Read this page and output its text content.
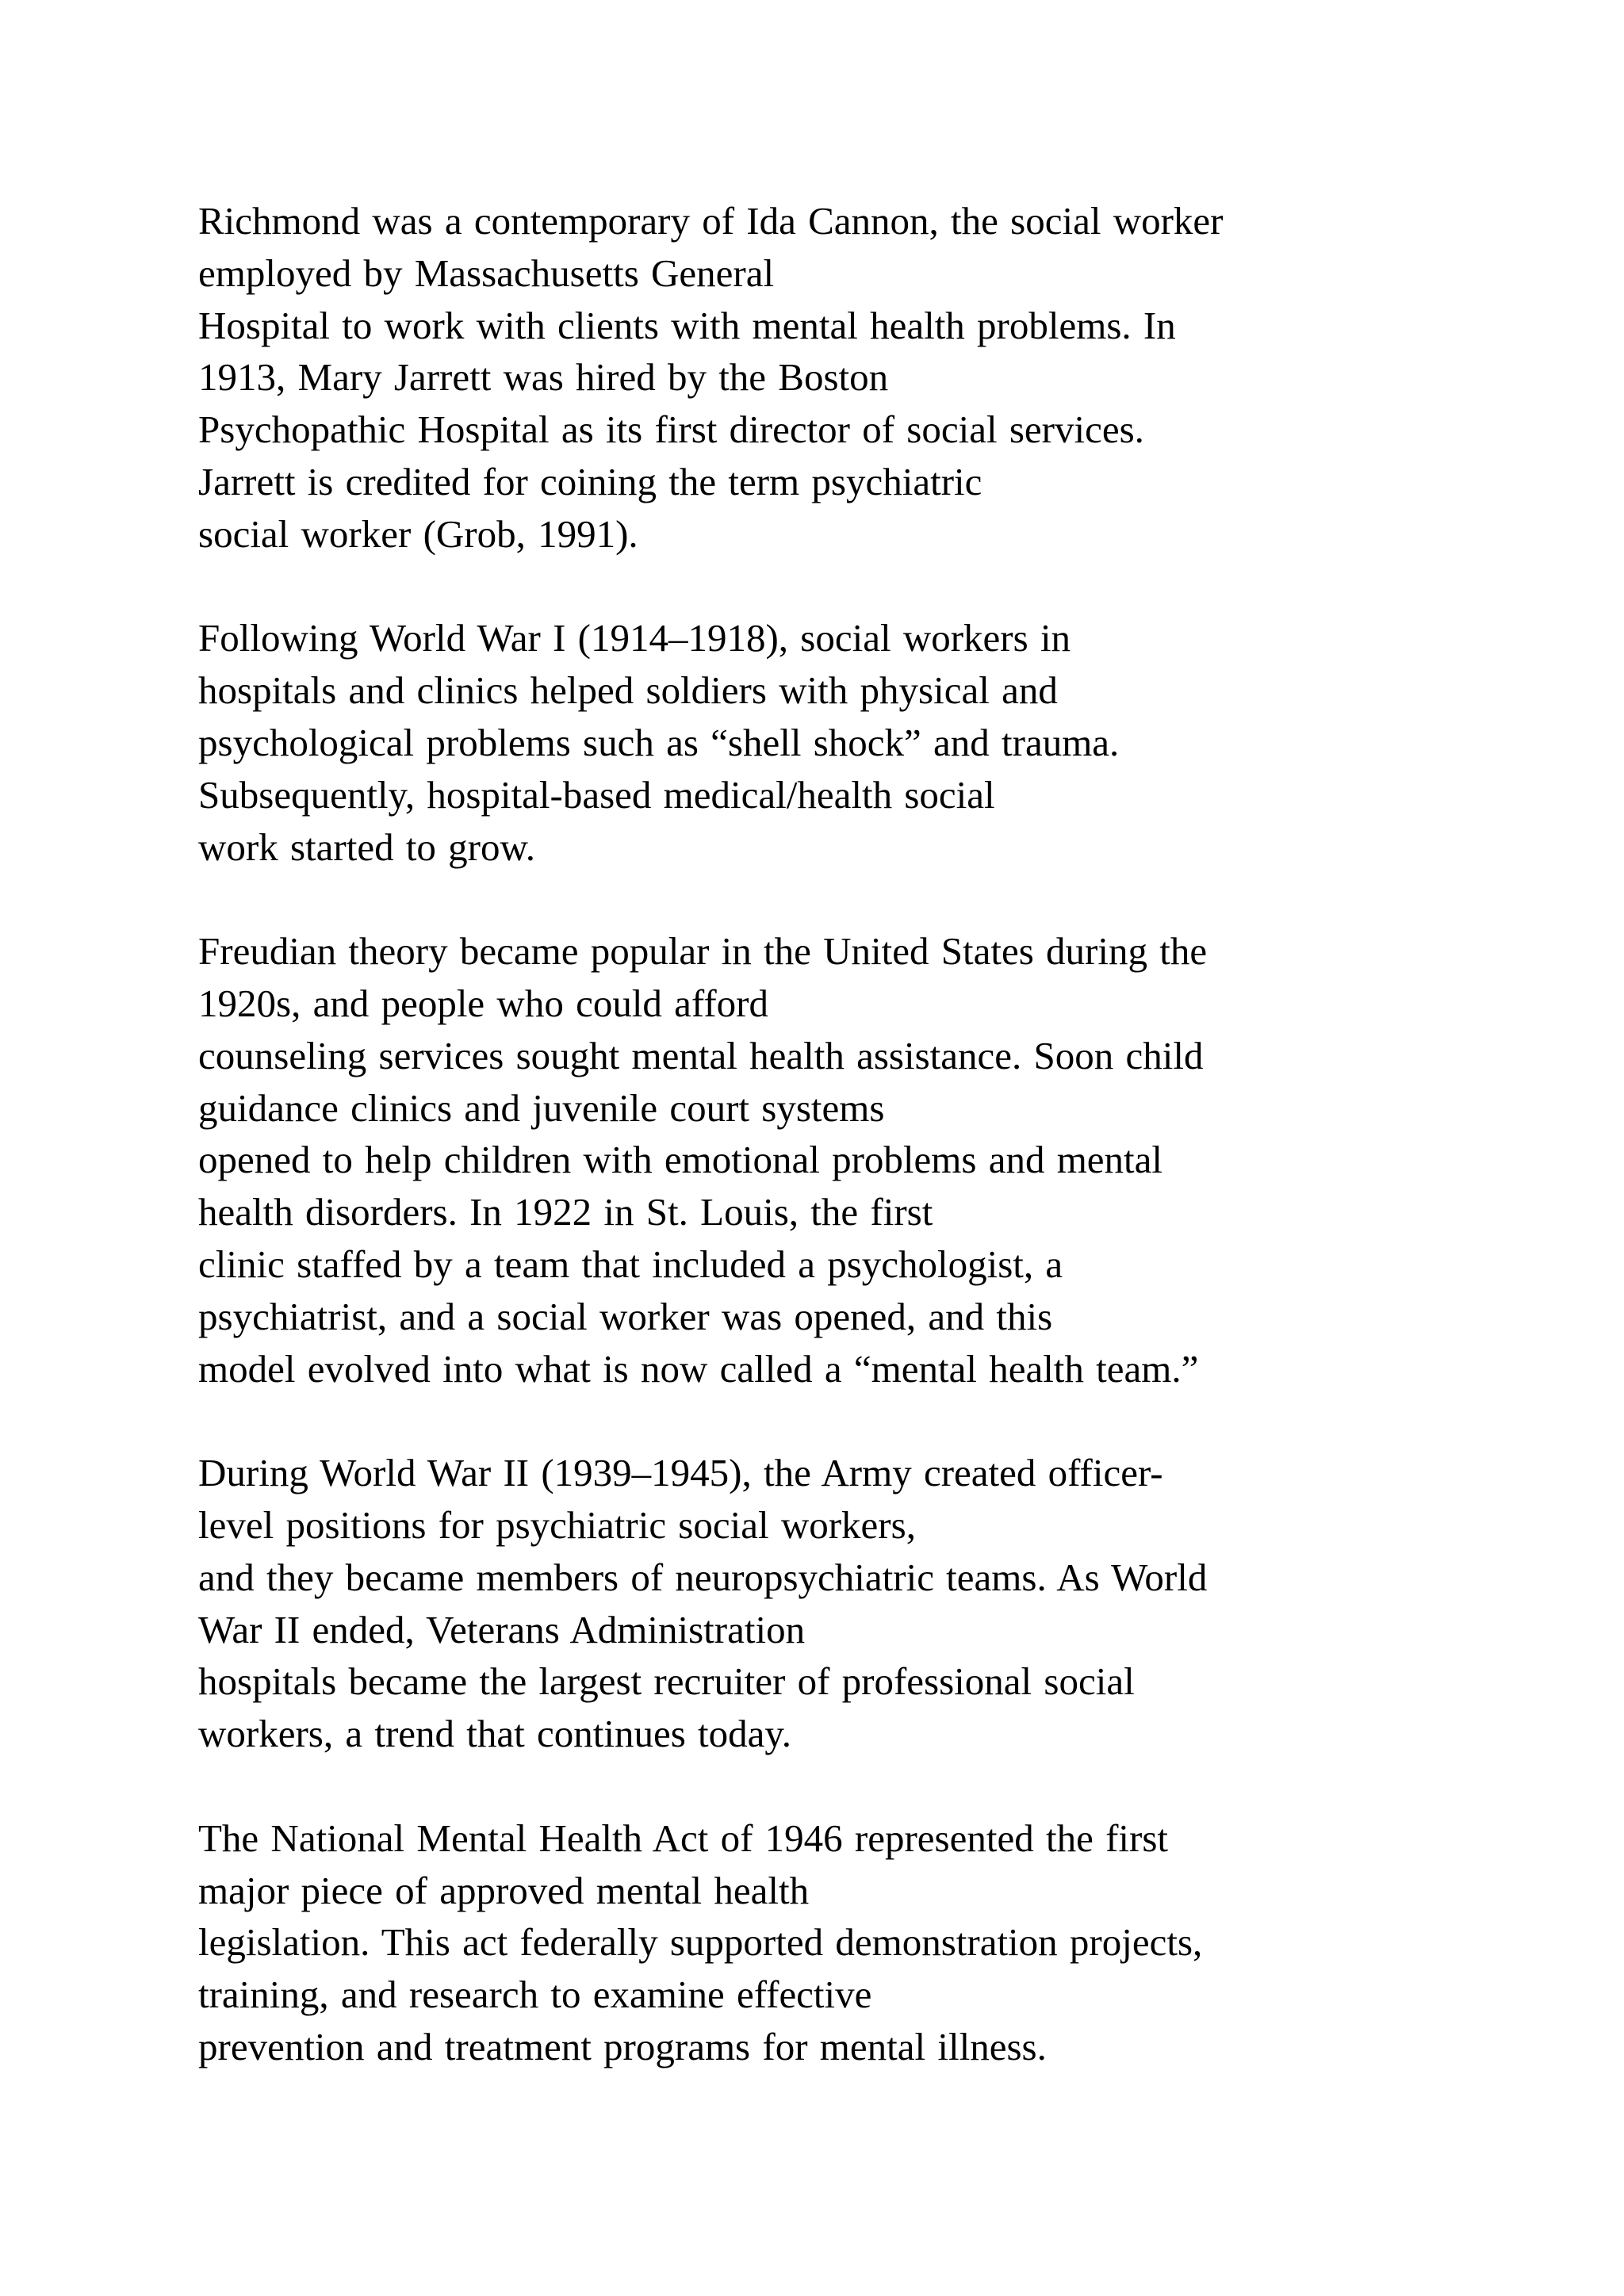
Richmond was a contemporary of Ida Cannon, the social worker
employed by Massachusetts General
Hospital to work with clients with mental health problems. In
1913, Mary Jarrett was hired by the Boston
Psychopathic Hospital as its first director of social services.
Jarrett is credited for coining the term psychiatric
social worker (Grob, 1991).

Following World War I (1914–1918), social workers in
hospitals and clinics helped soldiers with physical and
psychological problems such as “shell shock” and trauma.
Subsequently, hospital-based medical/health social
work started to grow.

Freudian theory became popular in the United States during the
1920s, and people who could afford
counseling services sought mental health assistance. Soon child
guidance clinics and juvenile court systems
opened to help children with emotional problems and mental
health disorders. In 1922 in St. Louis, the first
clinic staffed by a team that included a psychologist, a
psychiatrist, and a social worker was opened, and this
model evolved into what is now called a “mental health team.”

During World War II (1939–1945), the Army created officer-
level positions for psychiatric social workers,
and they became members of neuropsychiatric teams. As World
War II ended, Veterans Administration
hospitals became the largest recruiter of professional social
workers, a trend that continues today.

The National Mental Health Act of 1946 represented the first
major piece of approved mental health
legislation. This act federally supported demonstration projects,
training, and research to examine effective
prevention and treatment programs for mental illness.
